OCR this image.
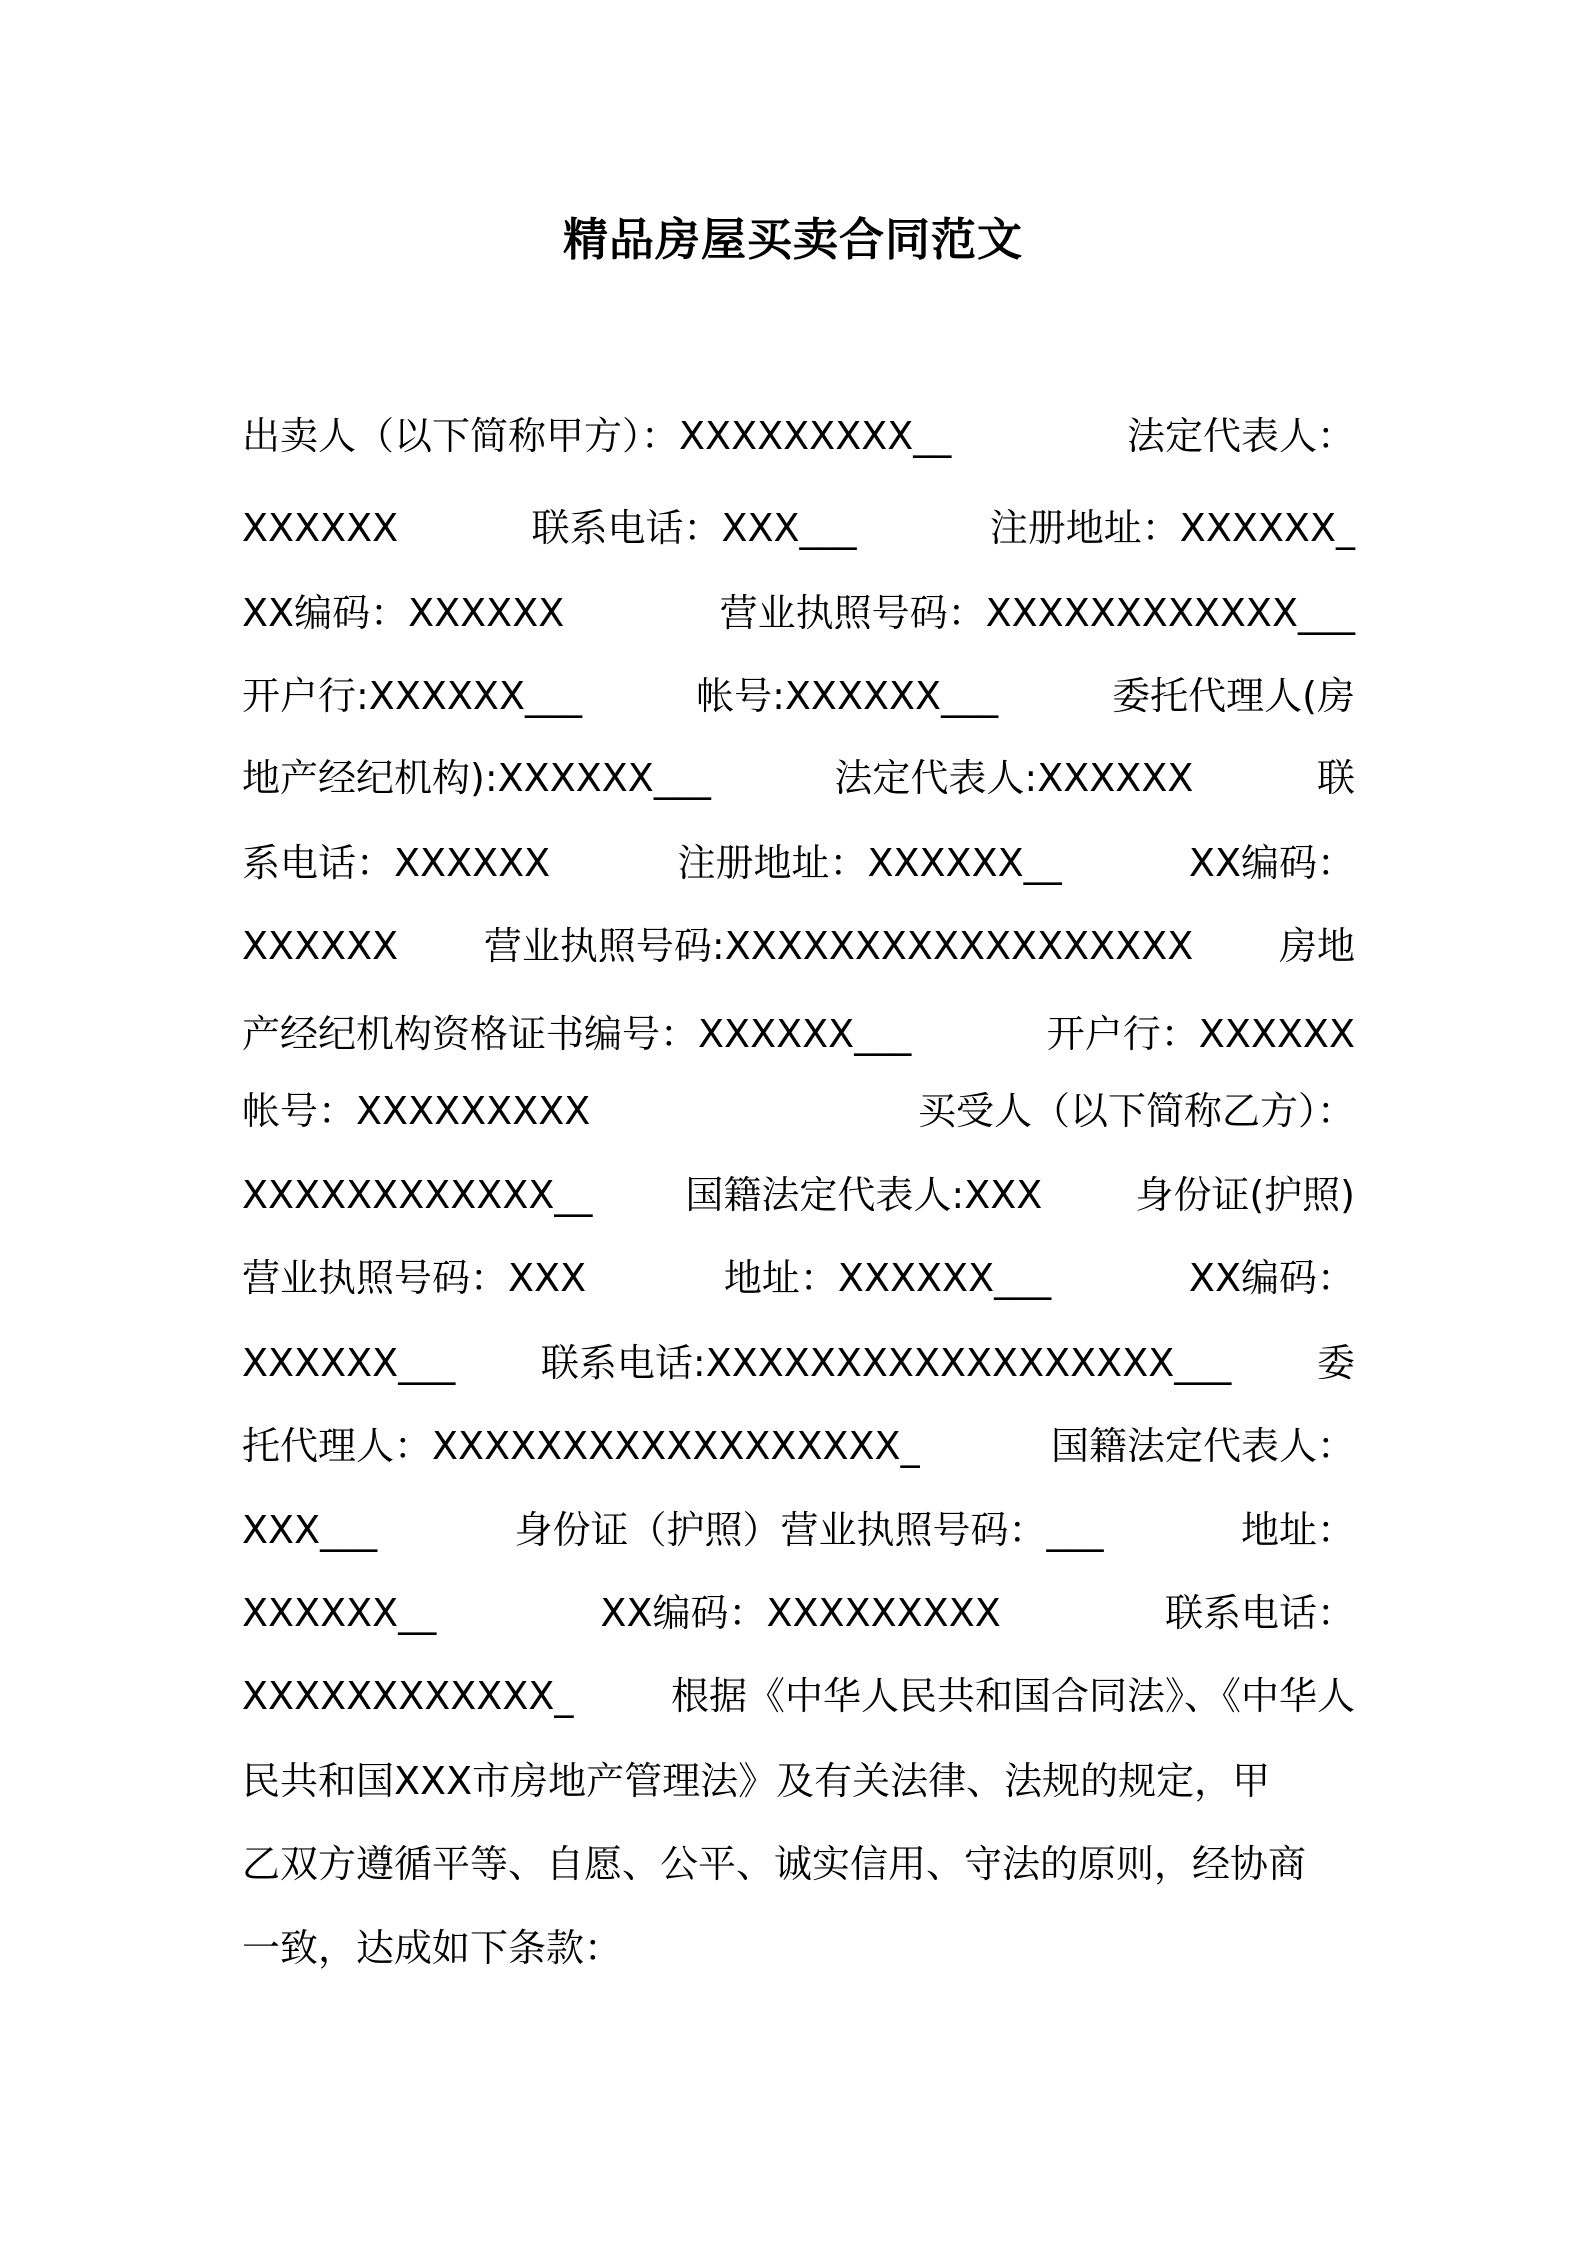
精品房屋买卖合同范文
出卖人（以下简称甲方）：XXXXXXXXX__	法定代表人：
XXXXXX	联系电话：XXX___	注册地址：XXXXXX_
XX编码：XXXXXX	营业执照号码：XXXXXXXXXXXX___
开户行:XXXXXX___	帐号:XXXXXX___	委托代理人(房
地产经纪机构):XXXXXX___	法定代表人:XXXXXX	联
系电话：XXXXXX	注册地址：XXXXXX__	XX编码：
XXXXXX 营业执照号码:XXXXXXXXXXXXXXXXXX 房地
产经纪机构资格证书编号：XXXXXX___	开户行：XXXXXX
帐号：XXXXXXXXX	买受人（以下简称乙方）：
XXXXXXXXXXXX__ 国籍法定代表人:XXX 身份证(护照)
营业执照号码：XXX	地址：XXXXXX___	XX编码：
XXXXXX___ 联系电话:XXXXXXXXXXXXXXXXXX___ 委
托代理人：XXXXXXXXXXXXXXXXXX_	国籍法定代表人：
XXX___	身份证（护照）营业执照号码：___	地址：
XXXXXX__	XX编码：XXXXXXXXX	联系电话：
XXXXXXXXXXXX_	根据《中华人民共和国合同法》、《中华人
民共和国XXX市房地产管理法》及有关法律、法规的规定，甲
乙双方遵循平等、自愿、公平、诚实信用、守法的原则，经协商
一致，达成如下条款：
